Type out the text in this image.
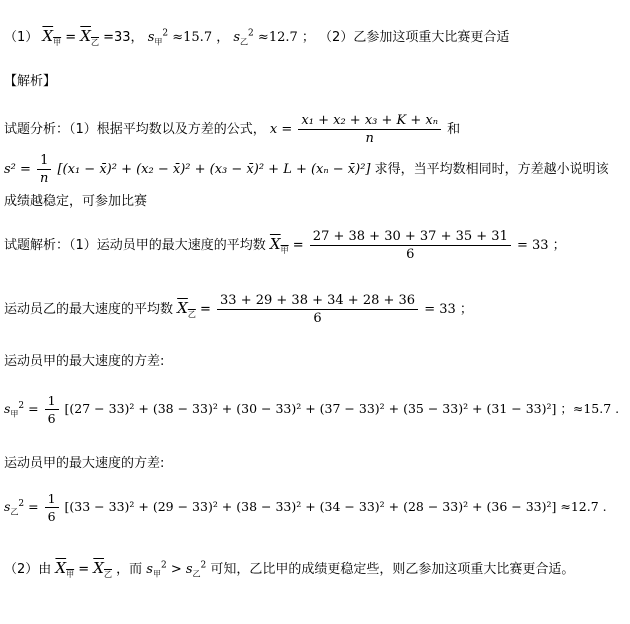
（1） $X_甲 = X_乙 =33$， $s_甲^2 \approx 15.7$ ， $s_乙^2 \approx 12.7$ ； （2）乙参加这项重大比赛更合适
【解析】
试题分析：（1）根据平均数以及方差的公式， $x = \frac{\text{x₁ + x₂ + x₃ + K + xₙ}}{n}$ 和
$s^2 = \frac{1}{n} [(x_1$ − x̄)² + (x₂ − x̄)² + (x₃ − x̄)² + L + (xₙ − x̄)²] 求得，当平均数相同时，方差越小说明该
成绩越稳定，可参加比赛
试题解析：（1）运动员甲的最大速度的平均数 $X_甲 = \frac{27 + 38 + 30 + 37 + 35 + 31}{6} = 33$ ；
运动员乙的最大速度的平均数 $X_乙 = \frac{33 + 29 + 38 + 34 + 28 + 36}{6} = 33$ ；
运动员甲的最大速度的方差:
$s_甲^2 = \frac{1}{6} [(27 - 33)^2 + (38 - 33)^2 + (30 - 33)^2 + (37 - 33)^2 + (35 - 33)^2 + (31 - 33)^2]$ ；≈15.7 .
运动员甲的最大速度的方差:
$s_乙^2 = \frac{1}{6} [(33 - 33)^2 + (29 - 33)^2 + (38 - 33)^2 + (34 - 33)^2 + (28 - 33)^2 + (36 - 33)^2] \approx 12.7$ .
（2）由 $X_甲 = X_乙$ ，而 $s_甲^2 > s_乙^2$ 可知，乙比甲的成绩更稳定些，则乙参加这项重大比赛更合适。
